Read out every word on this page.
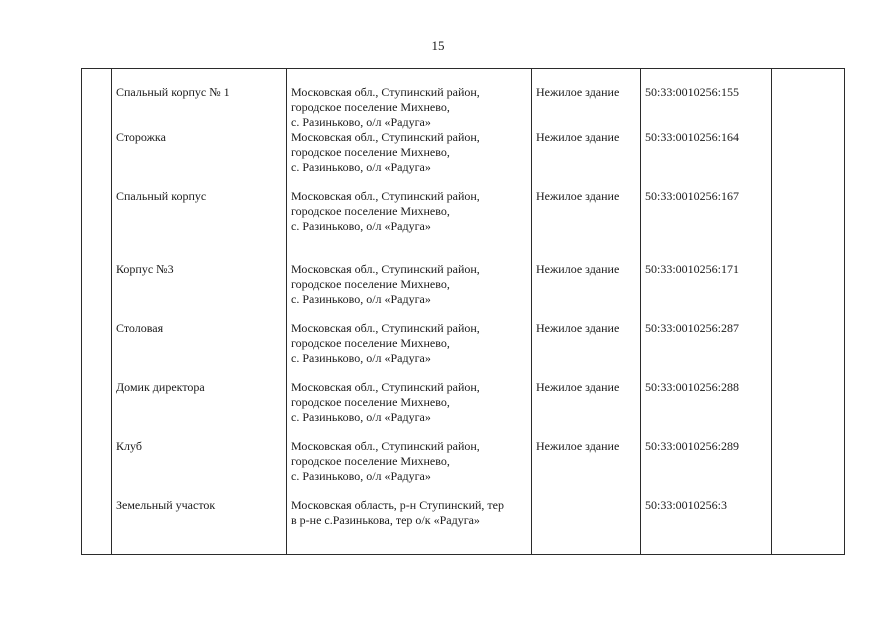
15
	Спальный корпус № 1	Московская обл., Ступинский район,
городское поселение Михнево,
с. Разиньково, о/л «Радуга»	Нежилое здание	50:33:0010256:155	
	Сторожка	Московская обл., Ступинский район,
городское поселение Михнево,
с. Разиньково, о/л «Радуга»	Нежилое здание	50:33:0010256:164	
	Спальный корпус	Московская обл., Ступинский район,
городское поселение Михнево,
с. Разиньково, о/л «Радуга»	Нежилое здание	50:33:0010256:167	
	Корпус №3	Московская обл., Ступинский район,
городское поселение Михнево,
с. Разиньково, о/л «Радуга»	Нежилое здание	50:33:0010256:171	
	Столовая	Московская обл., Ступинский район,
городское поселение Михнево,
с. Разиньково, о/л «Радуга»	Нежилое здание	50:33:0010256:287	
	Домик директора	Московская обл., Ступинский район,
городское поселение Михнево,
с. Разиньково, о/л «Радуга»	Нежилое здание	50:33:0010256:288	
	Клуб	Московская обл., Ступинский район,
городское поселение Михнево,
с. Разиньково, о/л «Радуга»	Нежилое здание	50:33:0010256:289	
	Земельный участок	Московская область, р-н Ступинский, тер
в р-не с.Разинькова, тер о/к «Радуга»		50:33:0010256:3	
